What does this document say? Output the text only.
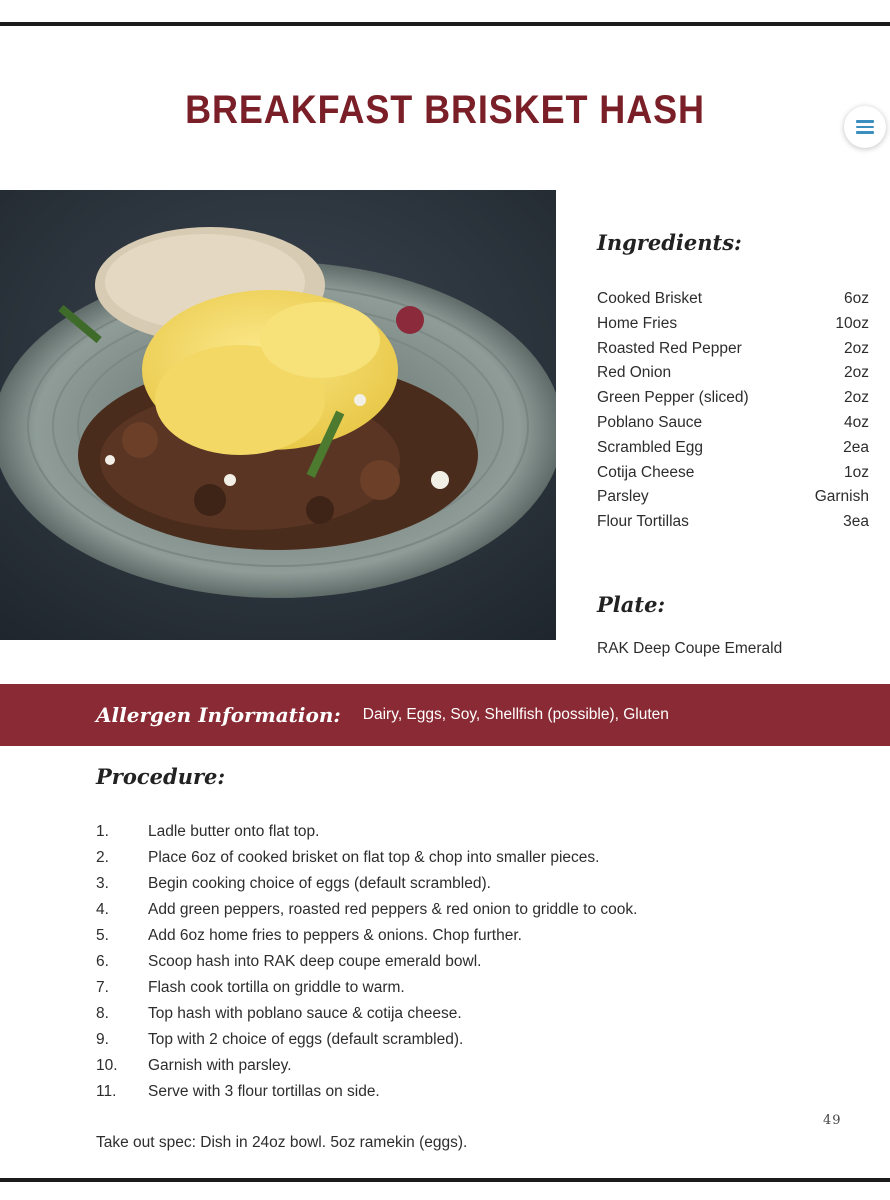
BREAKFAST BRISKET HASH
Ingredients:
Cooked Brisket	6oz
Home Fries	10oz
Roasted Red Pepper	2oz
Red Onion	2oz
Green Pepper (sliced)	2oz
Poblano Sauce	4oz
Scrambled Egg	2ea
Cotija Cheese	1oz
Parsley	Garnish
Flour Tortillas	3ea
Plate:
RAK Deep Coupe Emerald
Allergen Information: Dairy, Eggs, Soy, Shellfish (possible), Gluten
Procedure:
1.	Ladle butter onto flat top.
2.	Place 6oz of cooked brisket on flat top & chop into smaller pieces.
3.	Begin cooking choice of eggs (default scrambled).
4.	Add green peppers, roasted red peppers & red onion to griddle to cook.
5.	Add 6oz home fries to peppers & onions. Chop further.
6.	Scoop hash into RAK deep coupe emerald bowl.
7.	Flash cook tortilla on griddle to warm.
8.	Top hash with poblano sauce & cotija cheese.
9.	Top with 2 choice of eggs (default scrambled).
10.	Garnish with parsley.
11.	Serve with 3 flour tortillas on side.
49
Take out spec: Dish in 24oz bowl. 5oz ramekin (eggs).
